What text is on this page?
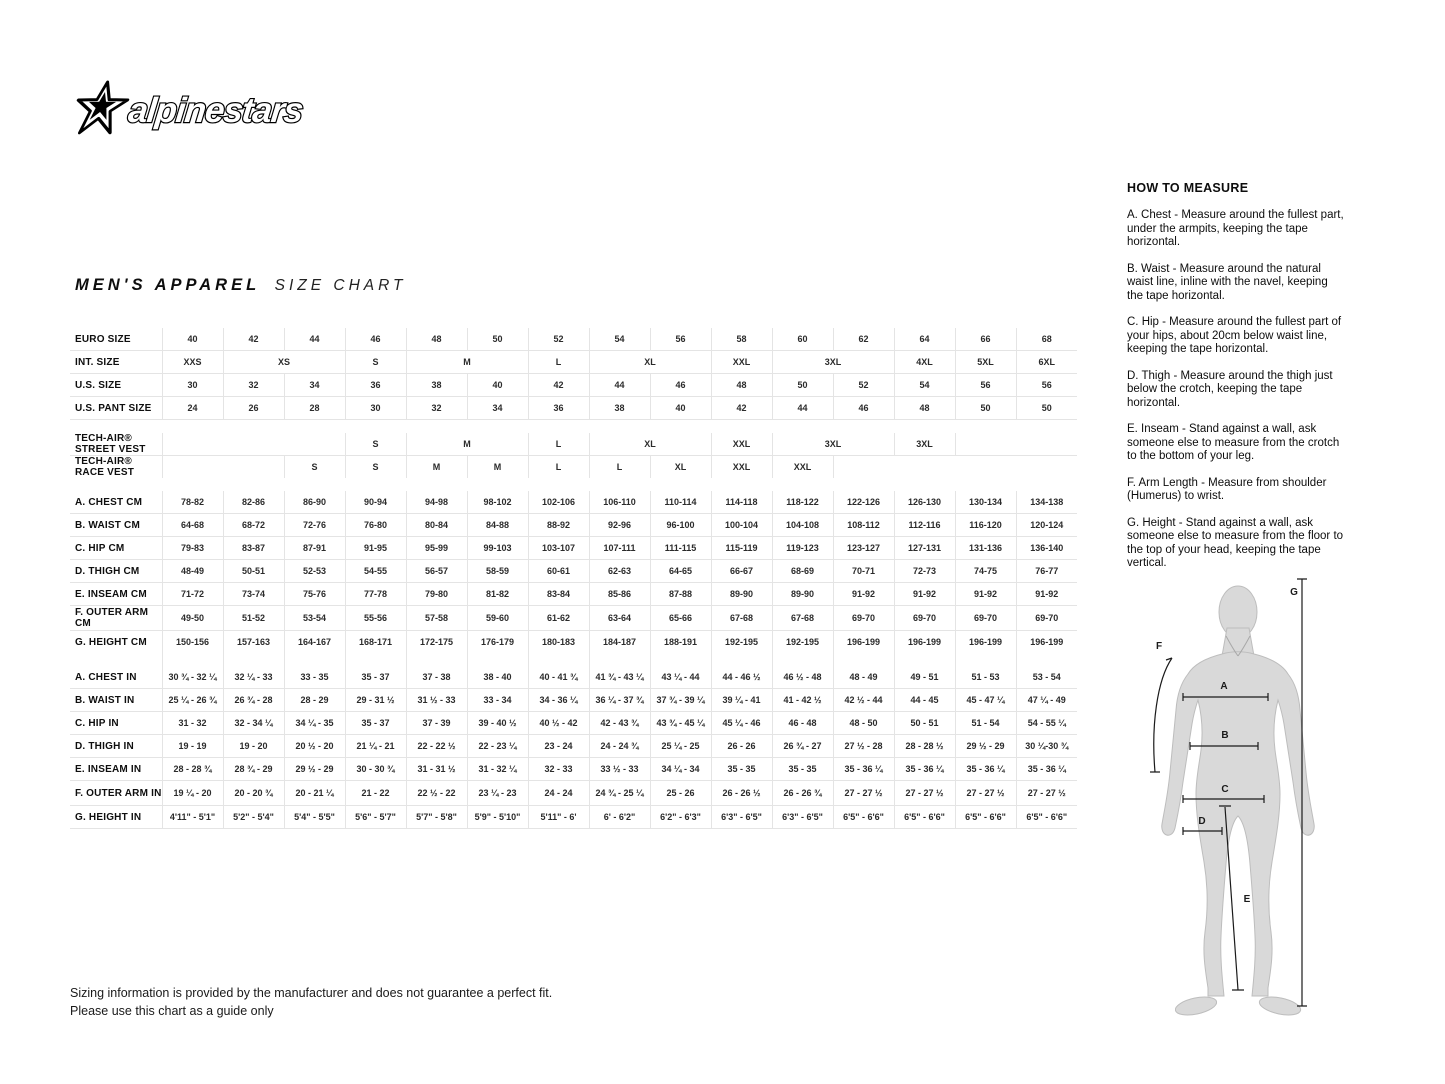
alpinestars
MEN'S APPAREL SIZE CHART
EURO SIZE	40	42	44	46	48	50	52	54	56	58	60	62	64	66	68
INT. SIZE	XXS	XS		S	M		L	XL		XXL	3XL		4XL	5XL	6XL
U.S. SIZE	30	32	34	36	38	40	42	44	46	48	50	52	54	56	56
U.S. PANT SIZE	24	26	28	30	32	34	36	38	40	42	44	46	48	50	50

TECH-AIR® STREET VEST				S	M		L	XL		XXL	3XL		3XL		
TECH-AIR® RACE VEST			S	S	M	M	L	L	XL	XXL	XXL				

A. CHEST CM	78-82	82-86	86-90	90-94	94-98	98-102	102-106	106-110	110-114	114-118	118-122	122-126	126-130	130-134	134-138
B. WAIST CM	64-68	68-72	72-76	76-80	80-84	84-88	88-92	92-96	96-100	100-104	104-108	108-112	112-116	116-120	120-124
C. HIP CM	79-83	83-87	87-91	91-95	95-99	99-103	103-107	107-111	111-115	115-119	119-123	123-127	127-131	131-136	136-140
D. THIGH CM	48-49	50-51	52-53	54-55	56-57	58-59	60-61	62-63	64-65	66-67	68-69	70-71	72-73	74-75	76-77
E. INSEAM CM	71-72	73-74	75-76	77-78	79-80	81-82	83-84	85-86	87-88	89-90	89-90	91-92	91-92	91-92	91-92
F. OUTER ARM CM	49-50	51-52	53-54	55-56	57-58	59-60	61-62	63-64	65-66	67-68	67-68	69-70	69-70	69-70	69-70
G. HEIGHT CM	150-156	157-163	164-167	168-171	172-175	176-179	180-183	184-187	188-191	192-195	192-195	196-199	196-199	196-199	196-199

A. CHEST IN	30 ¾ - 32 ¼	32 ¼ - 33	33 - 35	35 - 37	37 - 38	38 - 40	40 - 41 ¾	41 ¾ - 43 ¼	43 ¼ - 44	44 - 46 ½	46 ½ - 48	48 - 49	49 - 51	51 - 53	53 - 54
B. WAIST IN	25 ¼ - 26 ¾	26 ¾ - 28	28 - 29	29 - 31 ½	31 ½ - 33	33 - 34	34 - 36 ¼	36 ¼ - 37 ¾	37 ¾ - 39 ¼	39 ¼ - 41	41 - 42 ½	42 ½ - 44	44 - 45	45 - 47 ¼	47 ¼ - 49
C. HIP IN	31 - 32	32 - 34 ¼	34 ¼ - 35	35 - 37	37 - 39	39 - 40 ½	40 ½ - 42	42 - 43 ¾	43 ¾ - 45 ¼	45 ¼ - 46	46 - 48	48 - 50	50 - 51	51 - 54	54 - 55 ¼
D. THIGH IN	19 - 19	19 - 20	20 ½ - 20	21 ¼ - 21	22 - 22 ½	22 - 23 ¼	23 - 24	24 - 24 ¾	25 ¼ - 25	26 - 26	26 ¾ - 27	27 ½ - 28	28 - 28 ½	29 ½ - 29	30 ¼-30 ¾
E. INSEAM IN	28 - 28 ¾	28 ¾ - 29	29 ½ - 29	30 - 30 ¾	31 - 31 ½	31 - 32 ¼	32 - 33	33 ½ - 33	34 ¼ - 34	35 - 35	35 - 35	35 - 36 ¼	35 - 36 ¼	35 - 36 ¼	35 - 36 ¼
F. OUTER ARM IN	19 ¼ - 20	20 - 20 ¾	20 - 21 ¼	21 - 22	22 ½ - 22	23 ¼ - 23	24 - 24	24 ¾ - 25 ¼	25 - 26	26 - 26 ½	26 - 26 ¾	27 - 27 ½	27 - 27 ½	27 - 27 ½	27 - 27 ½
G. HEIGHT IN	4'11" - 5'1"	5'2" - 5'4"	5'4" - 5'5"	5'6" - 5'7"	5'7" - 5'8"	5'9" - 5'10"	5'11" - 6'	6' - 6'2"	6'2" - 6'3"	6'3" - 6'5"	6'3" - 6'5"	6'5" - 6'6"	6'5" - 6'6"	6'5" - 6'6"	6'5" - 6'6"
HOW TO MEASURE

A. Chest - Measure around the fullest part, under the armpits, keeping the tape horizontal.

B. Waist - Measure around the natural waist line, inline with the navel, keeping the tape horizontal.

C. Hip - Measure around the fullest part of your hips, about 20cm below waist line, keeping the tape horizontal.

D. Thigh - Measure around the thigh just below the crotch, keeping the tape horizontal.

E. Inseam - Stand against a wall, ask someone else to measure from the crotch to the bottom of your leg.

F. Arm Length - Measure from shoulder (Humerus) to wrist.

G. Height - Stand against a wall, ask someone else to measure from the floor to the top of your head, keeping the tape vertical.

A
B
C
D
E
F
G
Sizing information is provided by the manufacturer and does not guarantee a perfect fit.
Please use this chart as a guide only
